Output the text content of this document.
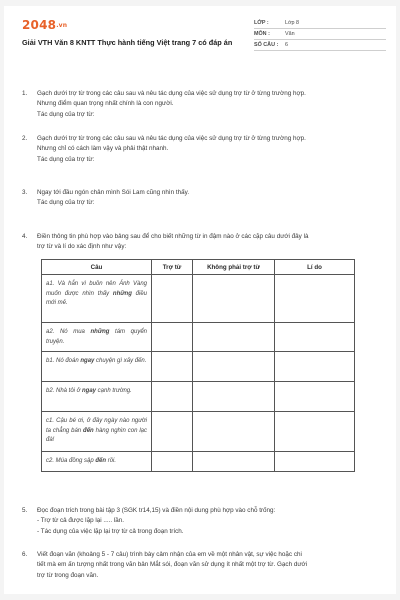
2048.vn
Giải VTH Văn 8 KNTT Thực hành tiếng Việt trang 7 có đáp án
LỚP :	Lớp 8
MÔN :	Văn
SỐ CÂU :	6
1. Gạch dưới trợ từ trong các câu sau và nêu tác dụng của việc sử dụng trợ từ ở từng trường hợp.
Nhưng điểm quan trọng nhất chính là con người.
Tác dụng của trợ từ:
2. Gạch dưới trợ từ trong các câu sau và nêu tác dụng của việc sử dụng trợ từ ở từng trường hợp.
Nhưng chỉ có cách làm vậy và phải thật nhanh.
Tác dụng của trợ từ:
3. Ngay tới đầu ngón chân mình Sói Lam cũng nhìn thấy.
Tác dụng của trợ từ:
4. Điền thông tin phù hợp vào bảng sau để cho biết những từ in đậm nào ở các cặp câu dưới đây là
trợ từ và lí do xác định như vậy:
Câu	Trợ từ	Không phải trợ từ	Lí do
a1. Và hắn vì buồn nên Ánh Vàng muốn được nhìn thấy những điều mới mẻ.			
a2. Nó mua những tám quyển truyện.			
b1. Nó đoán ngay chuyện gì xảy đến.			
b2. Nhà tôi ở ngay cạnh trường.			
c1. Cậu bé ơi, ở đây ngày nào người ta chẳng bán đến hàng nghìn con lạc đà!			
c2. Múa đồng sập đến rồi.			
5. Đọc đoạn trích trong bài tập 3 (SGK tr14,15) và điền nội dung phù hợp vào chỗ trống:
- Trợ từ cả được lặp lại ..... lần.
- Tác dụng của việc lặp lại trợ từ cả trong đoạn trích.
6. Viết đoạn văn (khoảng 5 - 7 câu) trình bày cảm nhận của em về một nhân vật, sự việc hoặc chi
tiết mà em ấn tượng nhất trong văn bản Mắt sói, đoạn văn sử dụng ít nhất một trợ từ. Gạch dưới
trợ từ trong đoạn văn.
